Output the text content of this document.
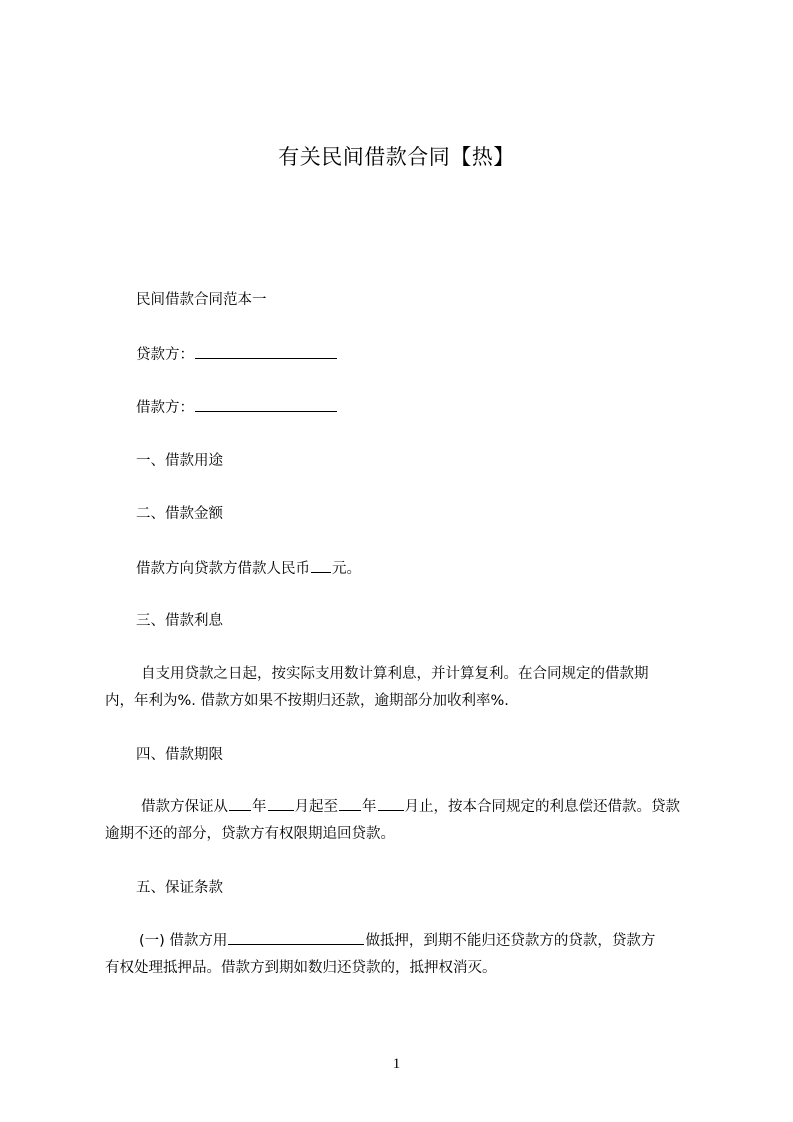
有关民间借款合同【热】
民间借款合同范本一
贷款方：
借款方：
一、借款用途
二、借款金额
借款方向贷款方借款人民币 元。
三、借款利息
自支用贷款之日起，按实际支用数计算利息，并计算复利。在合同规定的借款期
内，年利为%. 借款方如果不按期归还款，逾期部分加收利率%.
四、借款期限
借款方保证从 年 月起至 年 月止，按本合同规定的利息偿还借款。贷款
逾期不还的部分，贷款方有权限期追回贷款。
五、保证条款
(一) 借款方用	做抵押，到期不能归还贷款方的贷款，贷款方
有权处理抵押品。借款方到期如数归还贷款的，抵押权消灭。
1
